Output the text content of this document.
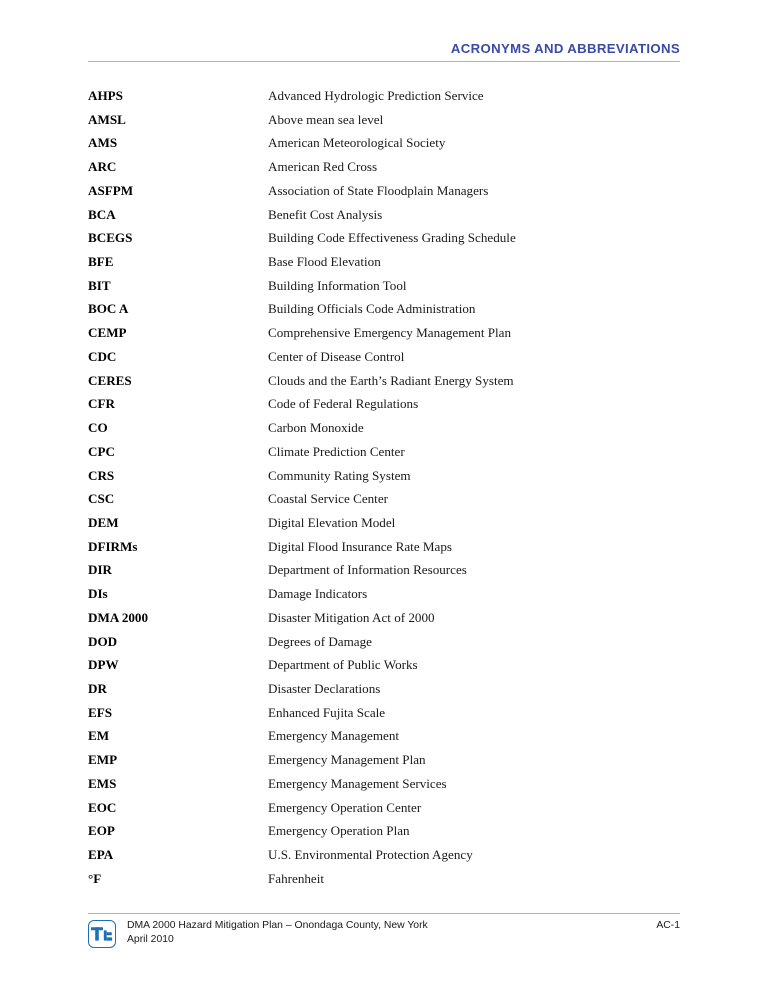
ACRONYMS AND ABBREVIATIONS
AHPS	Advanced Hydrologic Prediction Service
AMSL	Above mean sea level
AMS	American Meteorological Society
ARC	American Red Cross
ASFPM	Association of State Floodplain Managers
BCA	Benefit Cost Analysis
BCEGS	Building Code Effectiveness Grading Schedule
BFE	Base Flood Elevation
BIT	Building Information Tool
BOC A	Building Officials Code Administration
CEMP	Comprehensive Emergency Management Plan
CDC	Center of Disease Control
CERES	Clouds and the Earth’s Radiant Energy System
CFR	Code of Federal Regulations
CO	Carbon Monoxide
CPC	Climate Prediction Center
CRS	Community Rating System
CSC	Coastal Service Center
DEM	Digital Elevation Model
DFIRMs	Digital Flood Insurance Rate Maps
DIR	Department of Information Resources
DIs	Damage Indicators
DMA 2000	Disaster Mitigation Act of 2000
DOD	Degrees of Damage
DPW	Department of Public Works
DR	Disaster Declarations
EFS	Enhanced Fujita Scale
EM	Emergency Management
EMP	Emergency Management Plan
EMS	Emergency Management Services
EOC	Emergency Operation Center
EOP	Emergency Operation Plan
EPA	U.S. Environmental Protection Agency
°F	Fahrenheit
DMA 2000 Hazard Mitigation Plan – Onondaga County, New York
April 2010
AC-1
